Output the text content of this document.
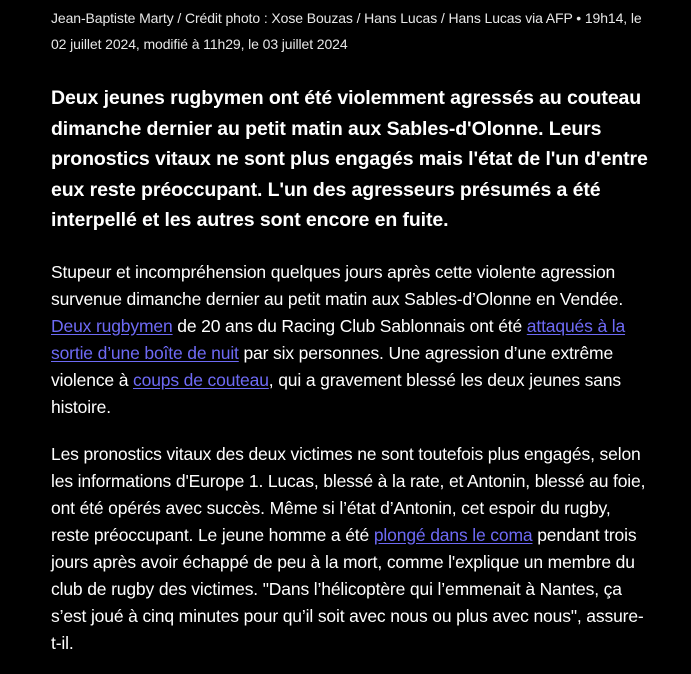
Jean-Baptiste Marty / Crédit photo : Xose Bouzas / Hans Lucas / Hans Lucas via AFP • 19h14, le 02 juillet 2024, modifié à 11h29, le 03 juillet 2024
Deux jeunes rugbymen ont été violemment agressés au couteau dimanche dernier au petit matin aux Sables-d'Olonne. Leurs pronostics vitaux ne sont plus engagés mais l'état de l'un d'entre eux reste préoccupant. L'un des agresseurs présumés a été interpellé et les autres sont encore en fuite.

Stupeur et incompréhension quelques jours après cette violente agression survenue dimanche dernier au petit matin aux Sables-d’Olonne en Vendée. Deux rugbymen de 20 ans du Racing Club Sablonnais ont été attaqués à la sortie d’une boîte de nuit par six personnes. Une agression d’une extrême violence à coups de couteau, qui a gravement blessé les deux jeunes sans histoire.

Les pronostics vitaux des deux victimes ne sont toutefois plus engagés, selon les informations d'Europe 1. Lucas, blessé à la rate, et Antonin, blessé au foie, ont été opérés avec succès. Même si l’état d’Antonin, cet espoir du rugby, reste préoccupant. Le jeune homme a été plongé dans le coma pendant trois jours après avoir échappé de peu à la mort, comme l'explique un membre du club de rugby des victimes. "Dans l’hélicoptère qui l’emmenait à Nantes, ça s’est joué à cinq minutes pour qu’il soit avec nous ou plus avec nous", assure-t-il.
